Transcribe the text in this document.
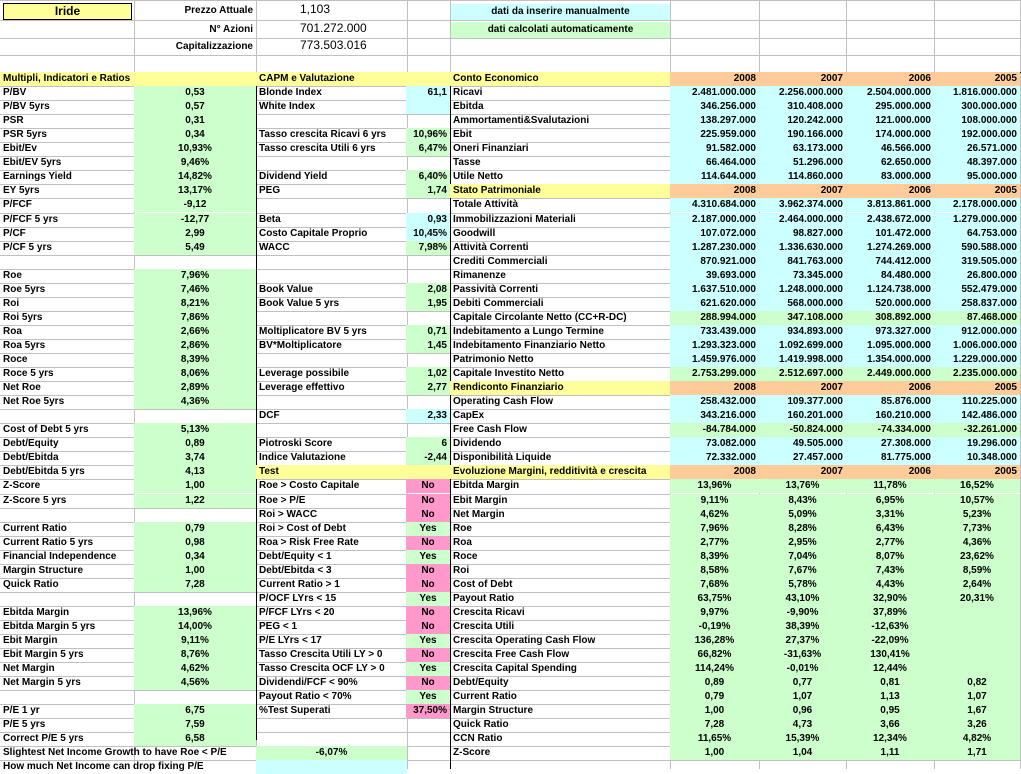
Iride	Prezzo Attuale	1,103
N° Azioni	701.272.000
Capitalizzazione	773.503.016
dati da inserire manualmente
dati calcolati automaticamente
Multipli, Indicatori e Ratios
P/BV	0,53
P/BV 5yrs	0,57
PSR	0,31
PSR 5yrs	0,34
Ebit/Ev	10,93%
Ebit/EV 5yrs	9,46%
Earnings Yield	14,82%
EY 5yrs	13,17%
P/FCF	-9,12
P/FCF 5 yrs	-12,77
P/CF	2,99
P/CF 5 yrs	5,49
Roe	7,96%
Roe 5yrs	7,46%
Roi	8,21%
Roi 5yrs	7,86%
Roa	2,66%
Roa 5yrs	2,86%
Roce	8,39%
Roce 5 yrs	8,06%
Net Roe	2,89%
Net Roe 5yrs	4,36%
Cost of Debt 5 yrs	5,13%
Debt/Equity	0,89
Debt/Ebitda	3,74
Debt/Ebitda 5 yrs	4,13
Z-Score	1,00
Z-Score 5 yrs	1,22
Current Ratio	0,79
Current Ratio 5 yrs	0,98
Financial Independence	0,34
Margin Structure	1,00
Quick Ratio	7,28
Ebitda Margin	13,96%
Ebitda Margin 5 yrs	14,00%
Ebit Margin	9,11%
Ebit Margin 5 yrs	8,76%
Net Margin	4,62%
Net Margin 5 yrs	4,56%
P/E 1 yr	6,75
P/E 5 yrs	7,59
Correct P/E 5 yrs	6,58
Slightest Net Income Growth to have Roe < P/E	-6,07%
How much Net Income can drop fixing P/E
CAPM e Valutazione
Blonde Index	61,1
White Index
Tasso crescita Ricavi 6 yrs	10,96%
Tasso crescita Utili 6 yrs	6,47%
Dividend Yield	6,40%
PEG	1,74
Beta	0,93
Costo Capitale Proprio	10,45%
WACC	7,98%
Book Value	2,08
Book Value 5 yrs	1,95
Moltiplicatore BV 5 yrs	0,71
BV*Moltiplicatore	1,45
Leverage possibile	1,02
Leverage effettivo	2,77
DCF	2,33
Piotroski Score	6
Indice Valutazione	-2,44
Test
Roe > Costo Capitale	No
Roe > P/E	No
Roi > WACC	No
Roi > Cost of Debt	Yes
Roa > Risk Free Rate	No
Debt/Equity < 1	Yes
Debt/Ebitda < 3	No
Current Ratio > 1	No
P/OCF LYrs < 15	Yes
P/FCF LYrs < 20	No
PEG < 1	No
P/E LYrs < 17	Yes
Tasso Crescita Utili LY > 0	No
Tasso Crescita OCF LY > 0	Yes
Dividendi/FCF < 90%	No
Payout Ratio < 70%	Yes
%Test Superati	37,50%
Conto Economico	2008	2007	2006	2005
Ricavi	2.481.000.000	2.256.000.000	2.504.000.000	1.816.000.000
Ebitda	346.256.000	310.408.000	295.000.000	300.000.000
Ammortamenti&Svalutazioni	138.297.000	120.242.000	121.000.000	108.000.000
Ebit	225.959.000	190.166.000	174.000.000	192.000.000
Oneri Finanziari	91.582.000	63.173.000	46.566.000	26.571.000
Tasse	66.464.000	51.296.000	62.650.000	48.397.000
Utile Netto	114.644.000	114.860.000	83.000.000	95.000.000
Stato Patrimoniale	2008	2007	2006	2005
Totale Attività	4.310.684.000	3.962.374.000	3.813.861.000	2.178.000.000
Immobilizzazioni Materiali	2.187.000.000	2.464.000.000	2.438.672.000	1.279.000.000
Goodwill	107.072.000	98.827.000	101.472.000	64.753.000
Attività Correnti	1.287.230.000	1.336.630.000	1.274.269.000	590.588.000
Crediti Commerciali	870.921.000	841.763.000	744.412.000	319.505.000
Rimanenze	39.693.000	73.345.000	84.480.000	26.800.000
Passività Correnti	1.637.510.000	1.248.000.000	1.124.738.000	552.479.000
Debiti Commerciali	621.620.000	568.000.000	520.000.000	258.837.000
Capitale Circolante Netto (CC+R-DC)	288.994.000	347.108.000	308.892.000	87.468.000
Indebitamento a Lungo Termine	733.439.000	934.893.000	973.327.000	912.000.000
Indebitamento Finanziario Netto	1.293.323.000	1.092.699.000	1.095.000.000	1.006.000.000
Patrimonio Netto	1.459.976.000	1.419.998.000	1.354.000.000	1.229.000.000
Capitale Investito Netto	2.753.299.000	2.512.697.000	2.449.000.000	2.235.000.000
Rendiconto Finanziario	2008	2007	2006	2005
Operating Cash Flow	258.432.000	109.377.000	85.876.000	110.225.000
CapEx	343.216.000	160.201.000	160.210.000	142.486.000
Free Cash Flow	-84.784.000	-50.824.000	-74.334.000	-32.261.000
Dividendo	73.082.000	49.505.000	27.308.000	19.296.000
Disponibilità Liquide	72.332.000	27.457.000	81.775.000	10.348.000
Evoluzione Margini, redditività e crescita	2008	2007	2006	2005
Ebitda Margin	13,96%	13,76%	11,78%	16,52%
Ebit Margin	9,11%	8,43%	6,95%	10,57%
Net Margin	4,62%	5,09%	3,31%	5,23%
Roe	7,96%	8,28%	6,43%	7,73%
Roa	2,77%	2,95%	2,77%	4,36%
Roce	8,39%	7,04%	8,07%	23,62%
Roi	8,58%	7,67%	7,43%	8,59%
Cost of Debt	7,68%	5,78%	4,43%	2,64%
Payout Ratio	63,75%	43,10%	32,90%	20,31%
Crescita Ricavi	9,97%	-9,90%	37,89%
Crescita Utili	-0,19%	38,39%	-12,63%
Crescita Operating Cash Flow	136,28%	27,37%	-22,09%
Crescita Free Cash Flow	66,82%	-31,63%	130,41%
Crescita Capital Spending	114,24%	-0,01%	12,44%
Debt/Equity	0,89	0,77	0,81	0,82
Current Ratio	0,79	1,07	1,13	1,07
Margin Structure	1,00	0,96	0,95	1,67
Quick Ratio	7,28	4,73	3,66	3,26
CCN Ratio	11,65%	15,39%	12,34%	4,82%
Z-Score	1,00	1,04	1,11	1,71
